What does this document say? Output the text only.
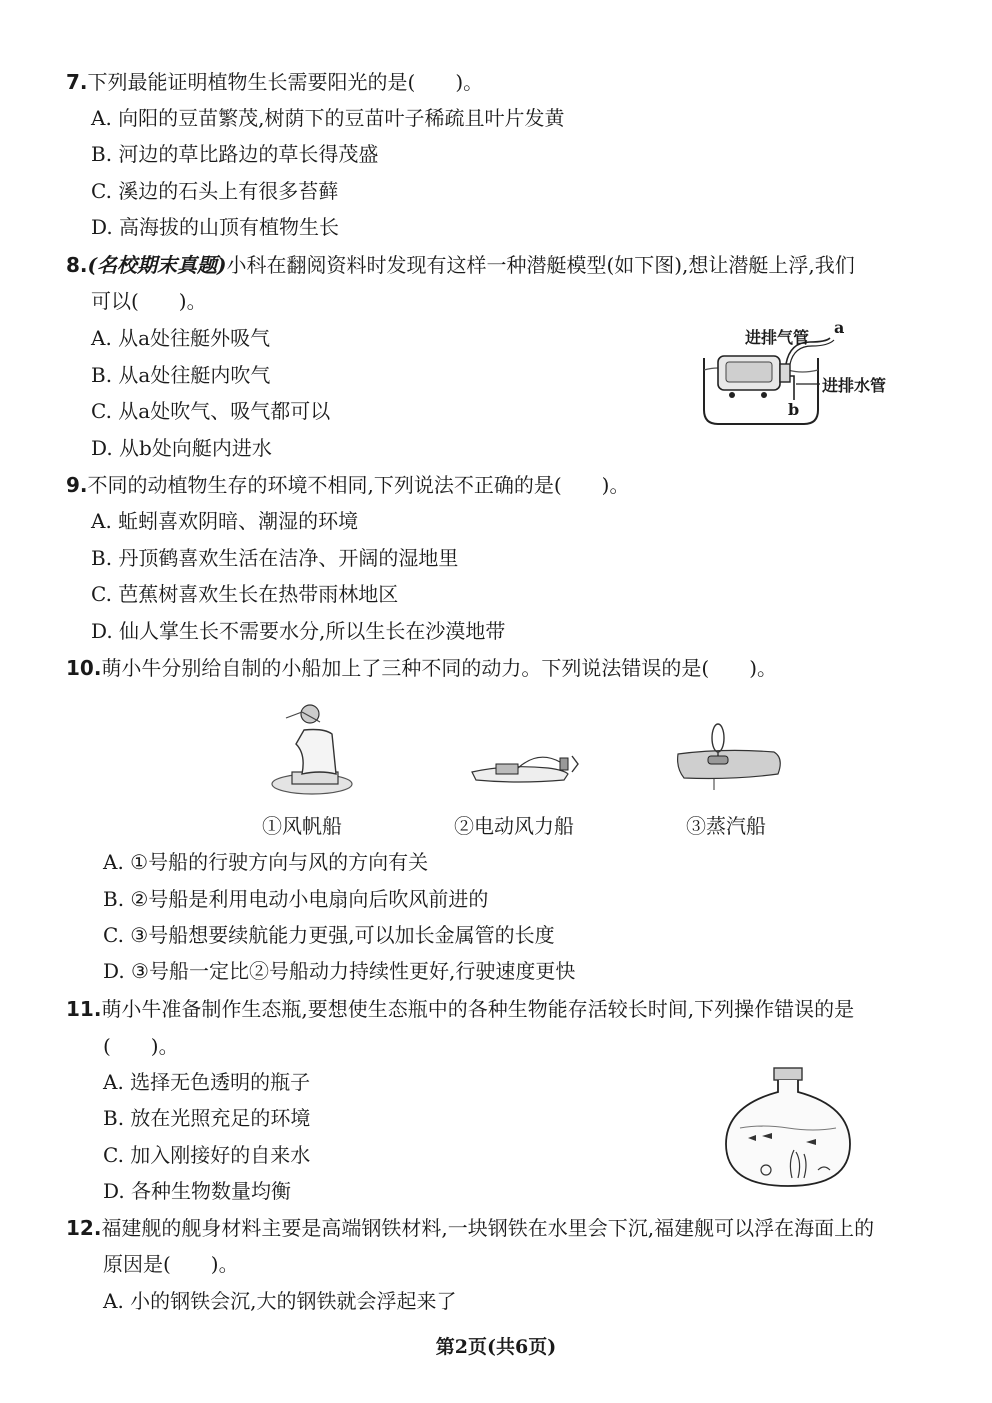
7.下列最能证明植物生长需要阳光的是(　　)。
A. 向阳的豆苗繁茂,树荫下的豆苗叶子稀疏且叶片发黄
B. 河边的草比路边的草长得茂盛
C. 溪边的石头上有很多苔藓
D. 高海拔的山顶有植物生长
8.(名校期末真题)小科在翻阅资料时发现有这样一种潜艇模型(如下图),想让潜艇上浮,我们
可以(　　)。
A. 从a处往艇外吸气
B. 从a处往艇内吹气
C. 从a处吹气、吸气都可以
D. 从b处向艇内进水
进排气管
a
进排水管
b
9.不同的动植物生存的环境不相同,下列说法不正确的是(　　)。
A. 蚯蚓喜欢阴暗、潮湿的环境
B. 丹顶鹤喜欢生活在洁净、开阔的湿地里
C. 芭蕉树喜欢生长在热带雨林地区
D. 仙人掌生长不需要水分,所以生长在沙漠地带
10.萌小牛分别给自制的小船加上了三种不同的动力。下列说法错误的是(　　)。
①风帆船	②电动风力船	③蒸汽船
A. ①号船的行驶方向与风的方向有关
B. ②号船是利用电动小电扇向后吹风前进的
C. ③号船想要续航能力更强,可以加长金属管的长度
D. ③号船一定比②号船动力持续性更好,行驶速度更快
11.萌小牛准备制作生态瓶,要想使生态瓶中的各种生物能存活较长时间,下列操作错误的是
(　　)。
A. 选择无色透明的瓶子
B. 放在光照充足的环境
C. 加入刚接好的自来水
D. 各种生物数量均衡
12.福建舰的舰身材料主要是高端钢铁材料,一块钢铁在水里会下沉,福建舰可以浮在海面上的
原因是(　　)。
A. 小的钢铁会沉,大的钢铁就会浮起来了
第2页(共6页)
